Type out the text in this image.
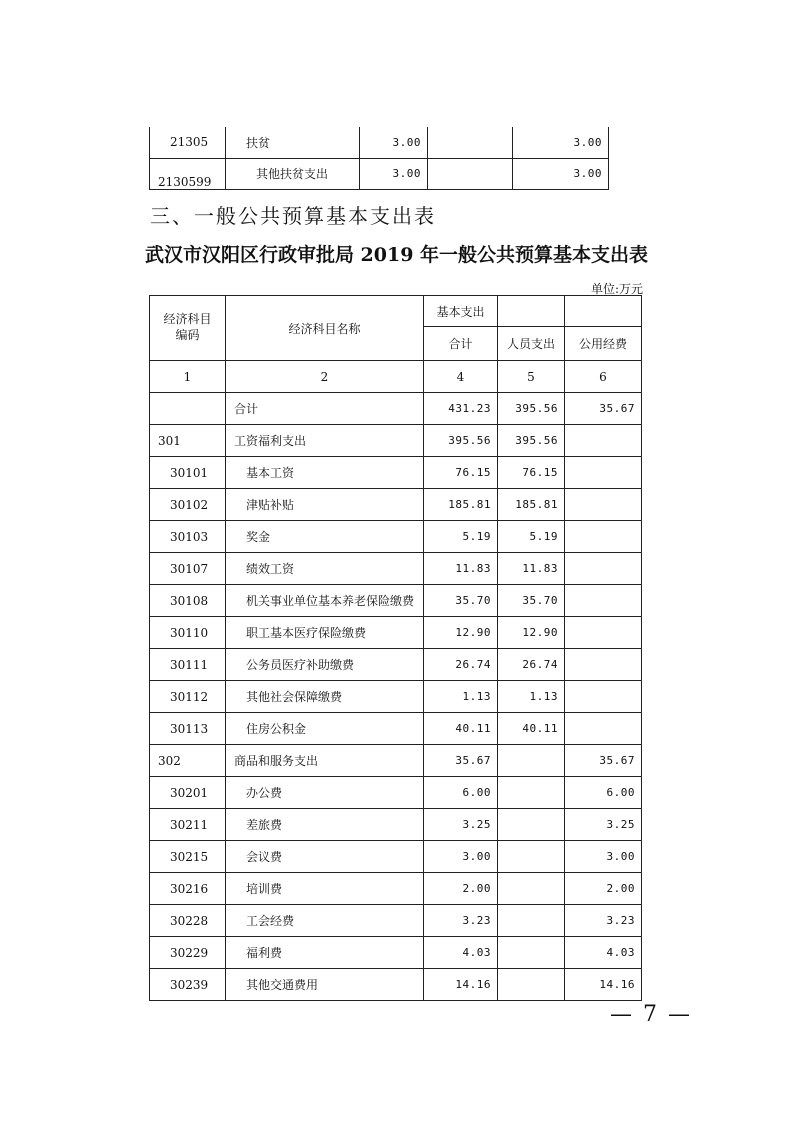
21305	扶贫	3.00		3.00
2130599	其他扶贫支出	3.00		3.00
三、一般公共预算基本支出表
武汉市汉阳区行政审批局 2019 年一般公共预算基本支出表
单位:万元
经济科目编码	经济科目名称	基本支出		
		合计	人员支出	公用经费
1	2	4	5	6
	合计	431.23	395.56	35.67
301	工资福利支出	395.56	395.56	
30101	基本工资	76.15	76.15	
30102	津贴补贴	185.81	185.81	
30103	奖金	5.19	5.19	
30107	绩效工资	11.83	11.83	
30108	机关事业单位基本养老保险缴费	35.70	35.70	
30110	职工基本医疗保险缴费	12.90	12.90	
30111	公务员医疗补助缴费	26.74	26.74	
30112	其他社会保障缴费	1.13	1.13	
30113	住房公积金	40.11	40.11	
302	商品和服务支出	35.67		35.67
30201	办公费	6.00		6.00
30211	差旅费	3.25		3.25
30215	会议费	3.00		3.00
30216	培训费	2.00		2.00
30228	工会经费	3.23		3.23
30229	福利费	4.03		4.03
30239	其他交通费用	14.16		14.16
— 7 —
